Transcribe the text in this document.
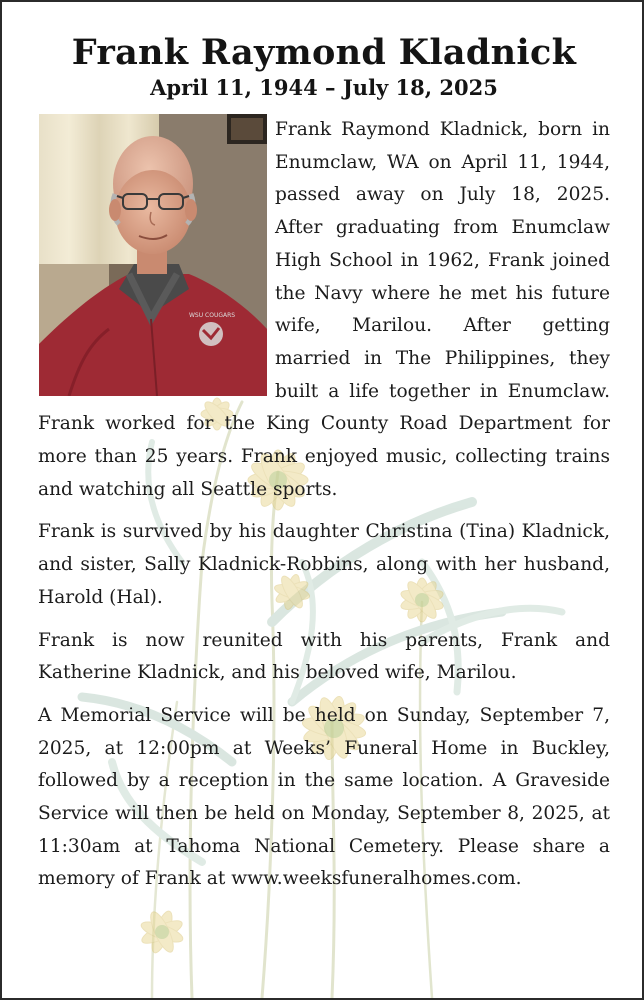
Frank Raymond Kladnick
April 11, 1944 – July 18, 2025
WSU COUGARS

Frank Raymond Kladnick, born in Enumclaw, WA on April 11, 1944, passed away on July 18, 2025. After graduating from Enumclaw High School in 1962, Frank joined the Navy where he met his future wife, Marilou. After getting married in The Philippines, they built a life together in Enumclaw. Frank worked for the King County Road Department for more than 25 years. Frank enjoyed music, collecting trains and watching all Seattle sports.

Frank is survived by his daughter Christina (Tina) Kladnick, and sister, Sally Kladnick-Robbins, along with her husband, Harold (Hal).

Frank is now reunited with his parents, Frank and Katherine Kladnick, and his beloved wife, Marilou.

A Memorial Service will be held on Sunday, September 7, 2025, at 12:00pm at Weeks’ Funeral Home in Buckley, followed by a reception in the same location. A Graveside Service will then be held on Monday, September 8, 2025, at 11:30am at Tahoma National Cemetery. Please share a memory of Frank at www.weeksfuneralhomes.com.
